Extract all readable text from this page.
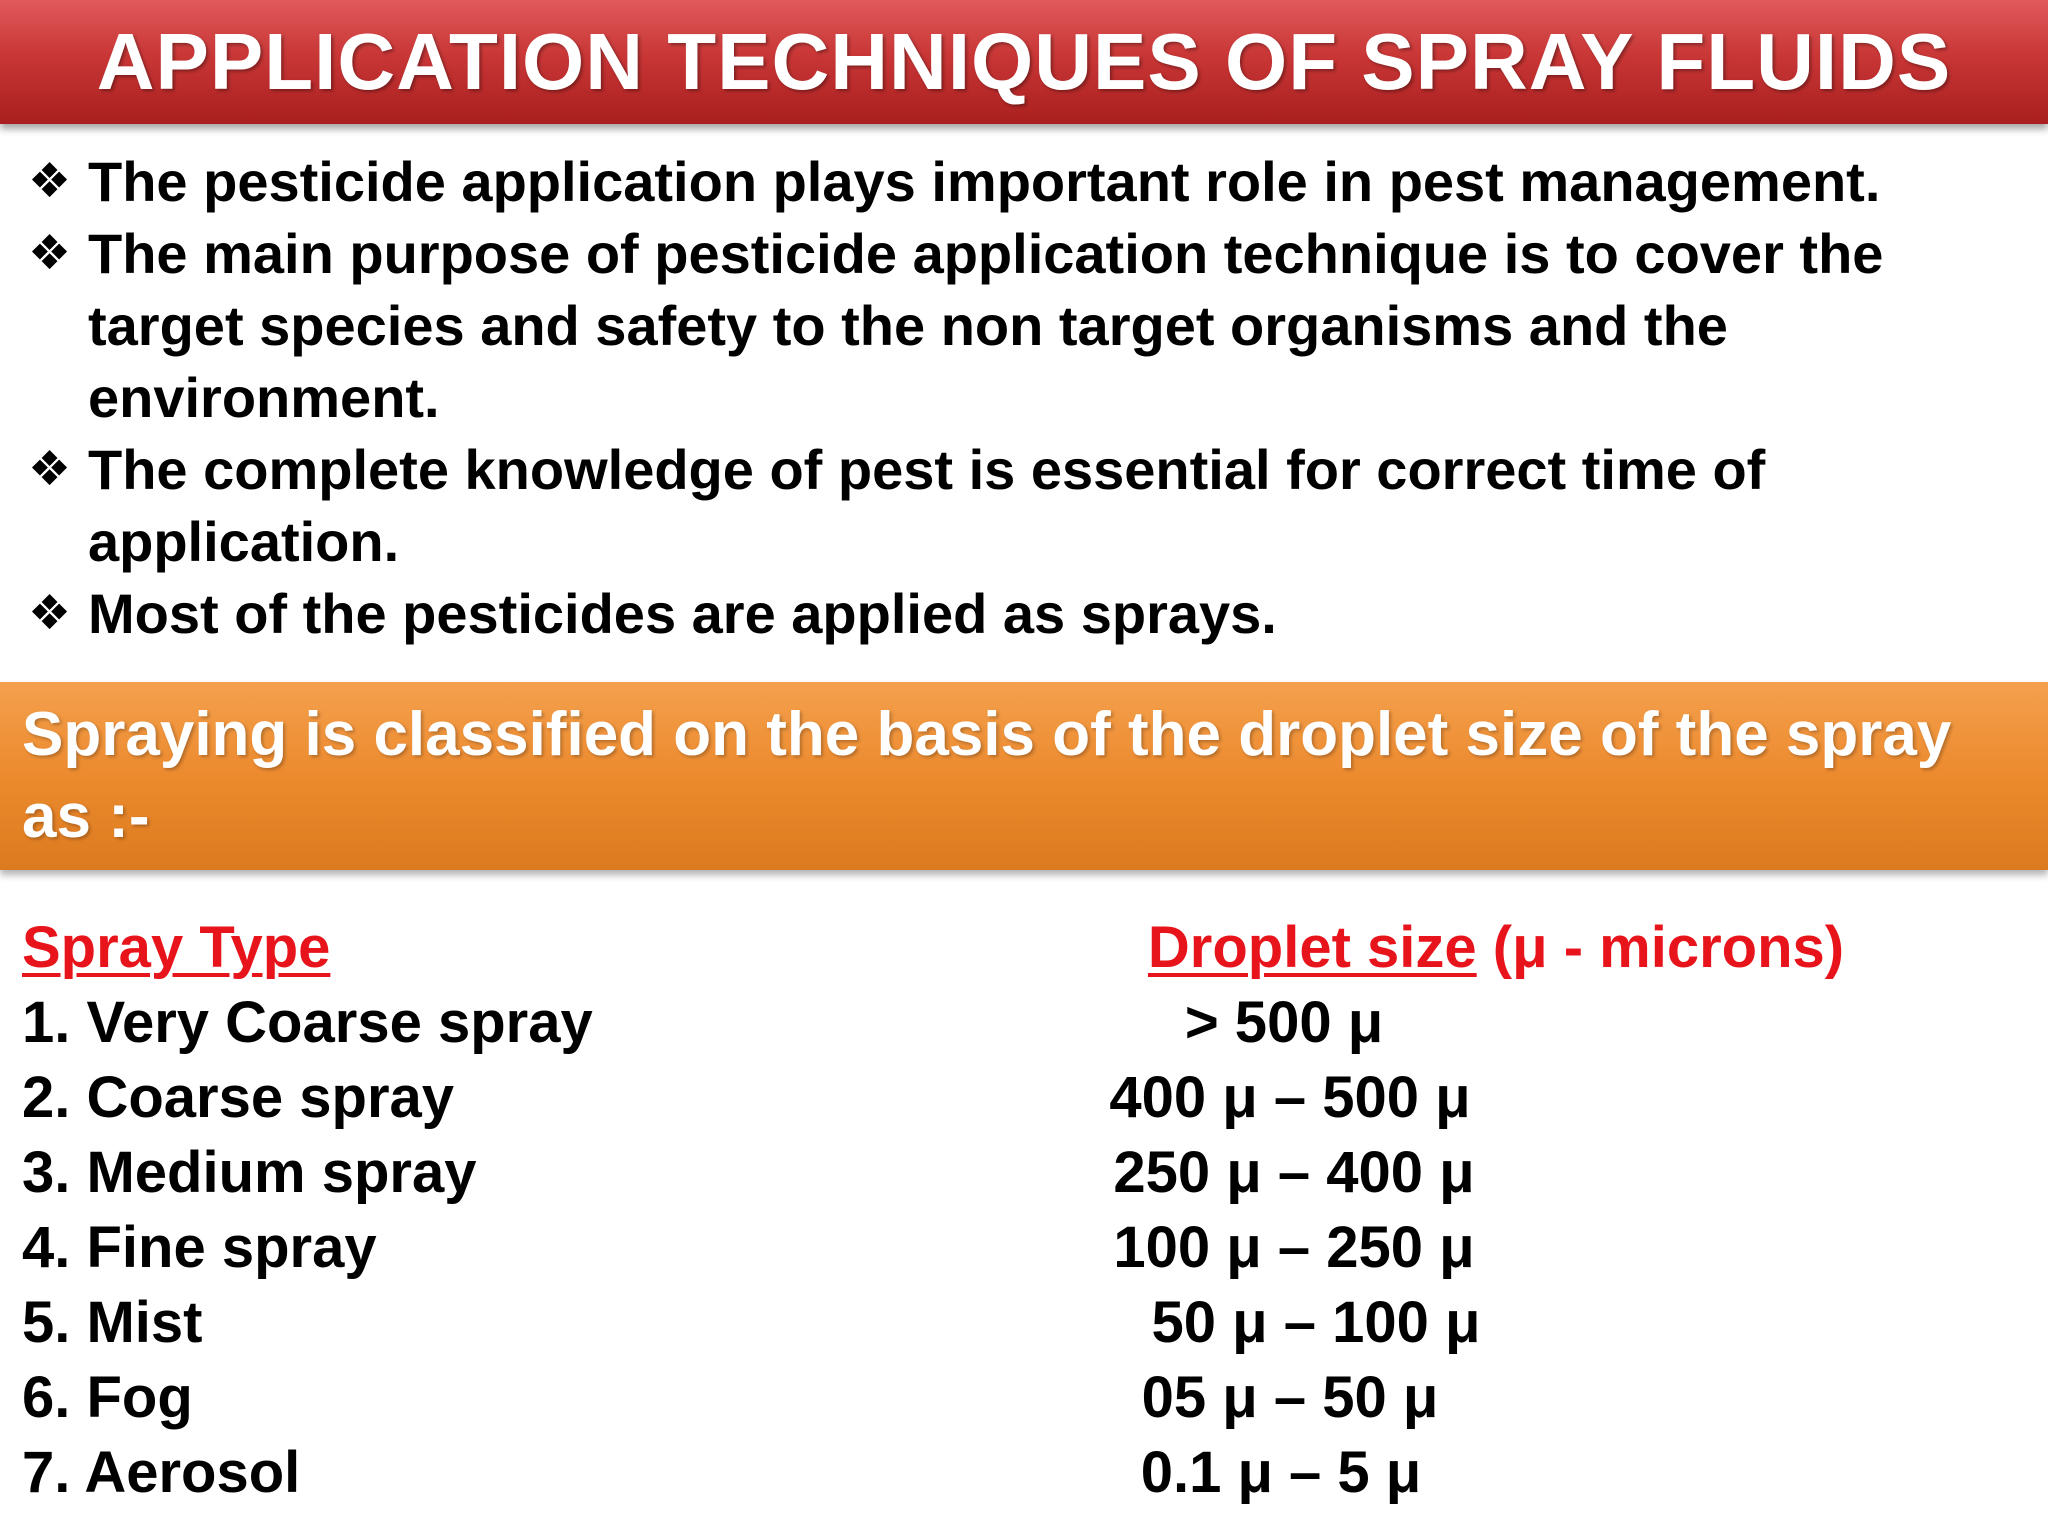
APPLICATION TECHNIQUES OF SPRAY FLUIDS
❖ The pesticide application plays important role in pest management.
❖ The main purpose of pesticide application technique is to cover the target species and safety to the non target organisms and the environment.
❖ The complete knowledge of pest is essential for correct time of application.
❖ Most of the pesticides are applied as sprays.
Spraying is classified on the basis of the droplet size of the spray as :-
Spray Type	Droplet size (μ - microns)
1. Very Coarse spray	> 500 μ
2. Coarse spray	400 μ – 500 μ
3. Medium spray	250 μ – 400 μ
4. Fine spray	100 μ – 250 μ
5. Mist	50 μ – 100 μ
6. Fog	05 μ – 50 μ
7. Aerosol	0.1 μ – 5 μ
